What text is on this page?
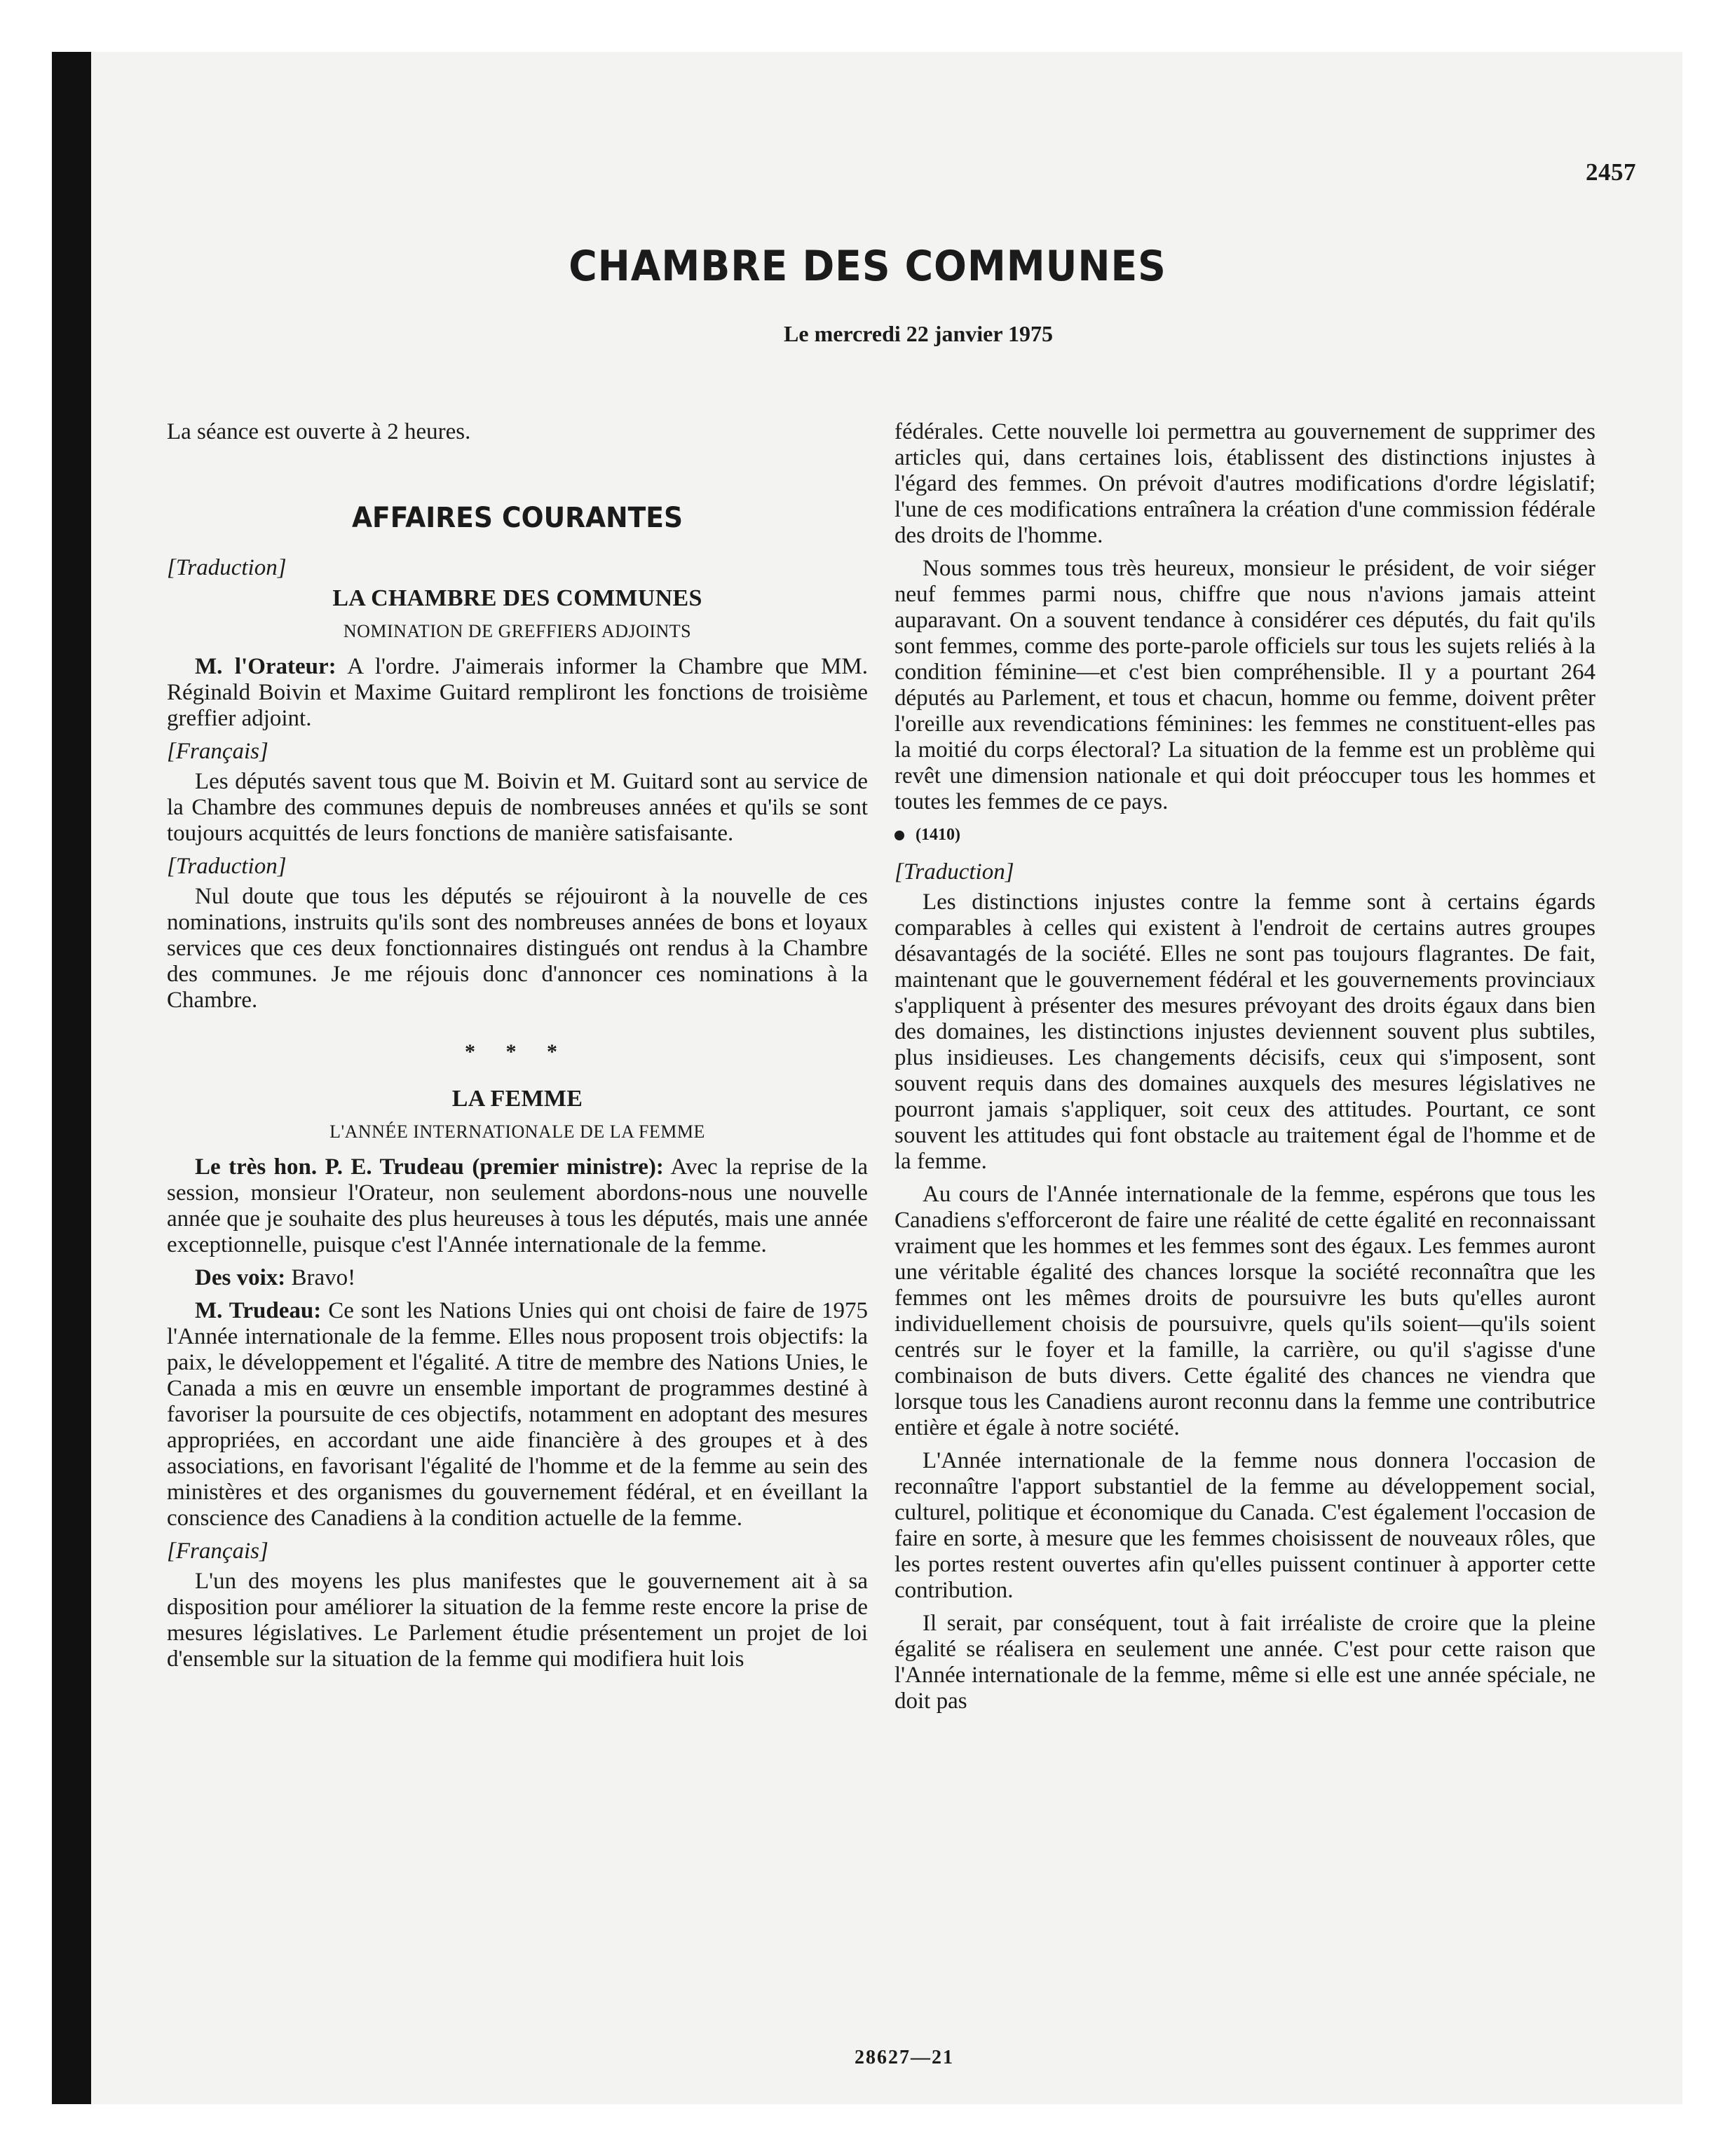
2457
CHAMBRE DES COMMUNES
Le mercredi 22 janvier 1975

La séance est ouverte à 2 heures.

AFFAIRES COURANTES

[Traduction]

LA CHAMBRE DES COMMUNES
NOMINATION DE GREFFIERS ADJOINTS

M. l'Orateur: A l'ordre. J'aimerais informer la Chambre que MM. Réginald Boivin et Maxime Guitard rempliront les fonctions de troisième greffier adjoint.

[Français]

Les députés savent tous que M. Boivin et M. Guitard sont au service de la Chambre des communes depuis de nombreuses années et qu'ils se sont toujours acquittés de leurs fonctions de manière satisfaisante.

[Traduction]

Nul doute que tous les députés se réjouiront à la nouvelle de ces nominations, instruits qu'ils sont des nombreuses années de bons et loyaux services que ces deux fonctionnaires distingués ont rendus à la Chambre des communes. Je me réjouis donc d'annoncer ces nominations à la Chambre.

* * *
LA FEMME
L'ANNÉE INTERNATIONALE DE LA FEMME

Le très hon. P. E. Trudeau (premier ministre): Avec la reprise de la session, monsieur l'Orateur, non seulement abordons-nous une nouvelle année que je souhaite des plus heureuses à tous les députés, mais une année exceptionnelle, puisque c'est l'Année internationale de la femme.

Des voix: Bravo!

M. Trudeau: Ce sont les Nations Unies qui ont choisi de faire de 1975 l'Année internationale de la femme. Elles nous proposent trois objectifs: la paix, le développement et l'égalité. A titre de membre des Nations Unies, le Canada a mis en œuvre un ensemble important de programmes destiné à favoriser la poursuite de ces objectifs, notamment en adoptant des mesures appropriées, en accordant une aide financière à des groupes et à des associations, en favorisant l'égalité de l'homme et de la femme au sein des ministères et des organismes du gouvernement fédéral, et en éveillant la conscience des Canadiens à la condition actuelle de la femme.

[Français]

L'un des moyens les plus manifestes que le gouvernement ait à sa disposition pour améliorer la situation de la femme reste encore la prise de mesures législatives. Le Parlement étudie présentement un projet de loi d'ensemble sur la situation de la femme qui modifiera huit lois

fédérales. Cette nouvelle loi permettra au gouvernement de supprimer des articles qui, dans certaines lois, établissent des distinctions injustes à l'égard des femmes. On prévoit d'autres modifications d'ordre législatif; l'une de ces modifications entraînera la création d'une commission fédérale des droits de l'homme.

Nous sommes tous très heureux, monsieur le président, de voir siéger neuf femmes parmi nous, chiffre que nous n'avions jamais atteint auparavant. On a souvent tendance à considérer ces députés, du fait qu'ils sont femmes, comme des porte-parole officiels sur tous les sujets reliés à la condition féminine—et c'est bien compréhensible. Il y a pourtant 264 députés au Parlement, et tous et chacun, homme ou femme, doivent prêter l'oreille aux revendications féminines: les femmes ne constituent-elles pas la moitié du corps électoral? La situation de la femme est un problème qui revêt une dimension nationale et qui doit préoccuper tous les hommes et toutes les femmes de ce pays.

(1410)

[Traduction]

Les distinctions injustes contre la femme sont à certains égards comparables à celles qui existent à l'endroit de certains autres groupes désavantagés de la société. Elles ne sont pas toujours flagrantes. De fait, maintenant que le gouvernement fédéral et les gouvernements provinciaux s'appliquent à présenter des mesures prévoyant des droits égaux dans bien des domaines, les distinctions injustes deviennent souvent plus subtiles, plus insidieuses. Les changements décisifs, ceux qui s'imposent, sont souvent requis dans des domaines auxquels des mesures législatives ne pourront jamais s'appliquer, soit ceux des attitudes. Pourtant, ce sont souvent les attitudes qui font obstacle au traitement égal de l'homme et de la femme.

Au cours de l'Année internationale de la femme, espérons que tous les Canadiens s'efforceront de faire une réalité de cette égalité en reconnaissant vraiment que les hommes et les femmes sont des égaux. Les femmes auront une véritable égalité des chances lorsque la société reconnaîtra que les femmes ont les mêmes droits de poursuivre les buts qu'elles auront individuellement choisis de poursuivre, quels qu'ils soient—qu'ils soient centrés sur le foyer et la famille, la carrière, ou qu'il s'agisse d'une combinaison de buts divers. Cette égalité des chances ne viendra que lorsque tous les Canadiens auront reconnu dans la femme une contributrice entière et égale à notre société.

L'Année internationale de la femme nous donnera l'occasion de reconnaître l'apport substantiel de la femme au développement social, culturel, politique et économique du Canada. C'est également l'occasion de faire en sorte, à mesure que les femmes choisissent de nouveaux rôles, que les portes restent ouvertes afin qu'elles puissent continuer à apporter cette contribution.

Il serait, par conséquent, tout à fait irréaliste de croire que la pleine égalité se réalisera en seulement une année. C'est pour cette raison que l'Année internationale de la femme, même si elle est une année spéciale, ne doit pas

28627—21
